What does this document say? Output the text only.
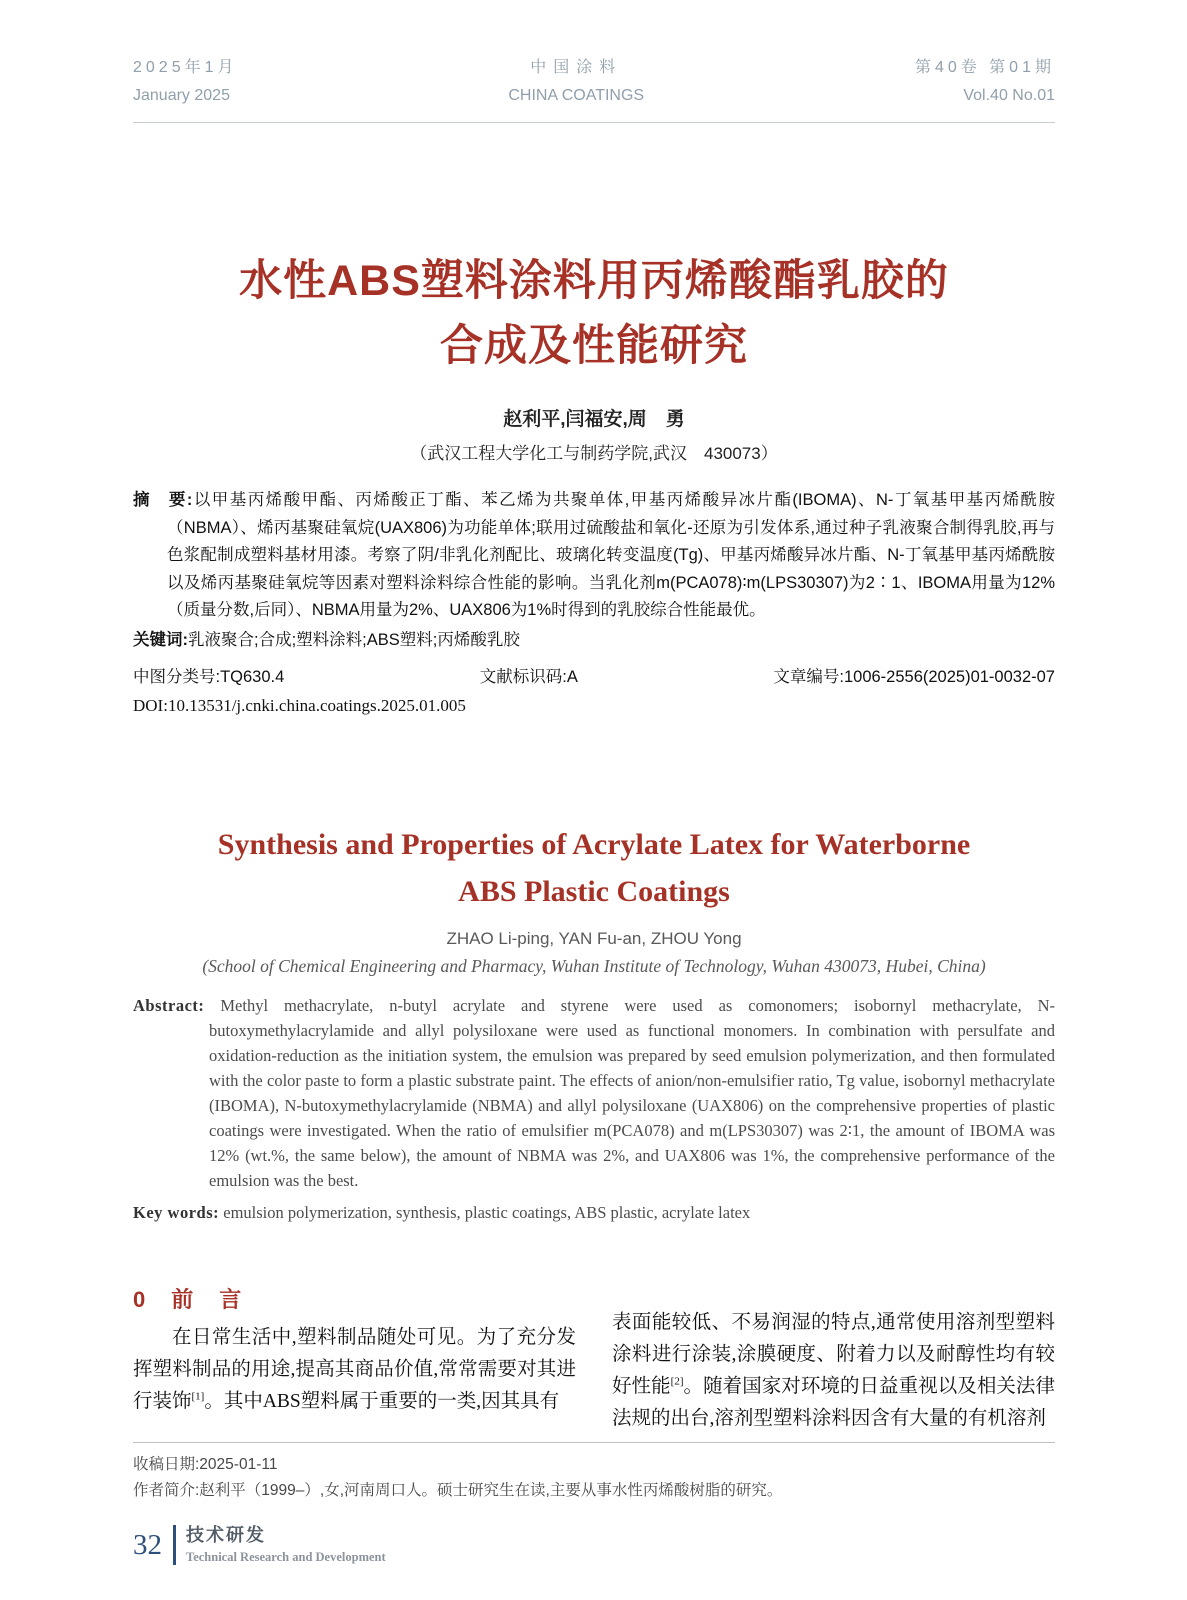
2025年1月
January 2025
中国涂料
CHINA COATINGS
第40卷 第01期
Vol.40 No.01
水性ABS塑料涂料用丙烯酸酯乳胶的
合成及性能研究
赵利平,闫福安,周　勇
（武汉工程大学化工与制药学院,武汉　430073）

摘　要:以甲基丙烯酸甲酯、丙烯酸正丁酯、苯乙烯为共聚单体,甲基丙烯酸异冰片酯(IBOMA)、N-丁氧基甲基丙烯酰胺（NBMA）、烯丙基聚硅氧烷(UAX806)为功能单体;联用过硫酸盐和氧化-还原为引发体系,通过种子乳液聚合制得乳胶,再与色浆配制成塑料基材用漆。考察了阴/非乳化剂配比、玻璃化转变温度(Tg)、甲基丙烯酸异冰片酯、N-丁氧基甲基丙烯酰胺以及烯丙基聚硅氧烷等因素对塑料涂料综合性能的影响。当乳化剂m(PCA078)∶m(LPS30307)为2∶1、IBOMA用量为12%（质量分数,后同）、NBMA用量为2%、UAX806为1%时得到的乳胶综合性能最优。

关键词:乳液聚合;合成;塑料涂料;ABS塑料;丙烯酸乳胶

中图分类号:TQ630.4	文献标识码:A	文章编号:1006-2556(2025)01-0032-07
DOI:10.13531/j.cnki.china.coatings.2025.01.005
Synthesis and Properties of Acrylate Latex for Waterborne
ABS Plastic Coatings
ZHAO Li-ping, YAN Fu-an, ZHOU Yong
(School of Chemical Engineering and Pharmacy, Wuhan Institute of Technology, Wuhan 430073, Hubei, China)

Abstract: Methyl methacrylate, n-butyl acrylate and styrene were used as comonomers; isobornyl methacrylate, N-butoxymethylacrylamide and allyl polysiloxane were used as functional monomers. In combination with persulfate and oxidation-reduction as the initiation system, the emulsion was prepared by seed emulsion polymerization, and then formulated with the color paste to form a plastic substrate paint. The effects of anion/non-emulsifier ratio, Tg value, isobornyl methacrylate (IBOMA), N-butoxymethylacrylamide (NBMA) and allyl polysiloxane (UAX806) on the comprehensive properties of plastic coatings were investigated. When the ratio of emulsifier m(PCA078) and m(LPS30307) was 2∶1, the amount of IBOMA was 12% (wt.%, the same below), the amount of NBMA was 2%, and UAX806 was 1%, the comprehensive performance of the emulsion was the best.

Key words: emulsion polymerization, synthesis, plastic coatings, ABS plastic, acrylate latex

0　前　言

在日常生活中,塑料制品随处可见。为了充分发挥塑料制品的用途,提高其商品价值,常常需要对其进行装饰[1]。其中ABS塑料属于重要的一类,因其具有

表面能较低、不易润湿的特点,通常使用溶剂型塑料涂料进行涂装,涂膜硬度、附着力以及耐醇性均有较好性能[2]。随着国家对环境的日益重视以及相关法律法规的出台,溶剂型塑料涂料因含有大量的有机溶剂

收稿日期:2025-01-11
作者简介:赵利平（1999–）,女,河南周口人。硕士研究生在读,主要从事水性丙烯酸树脂的研究。
32 技术研发
Technical Research and Development
